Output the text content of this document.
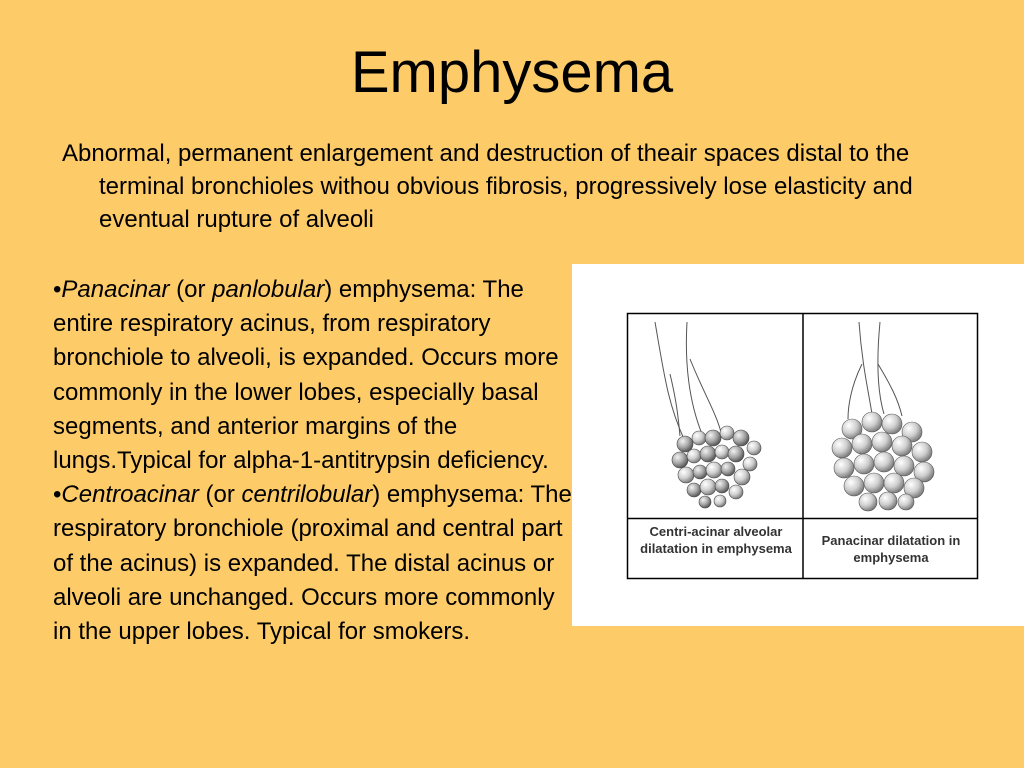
Emphysema
Abnormal, permanent enlargement and destruction of theair spaces distal to the terminal bronchioles withou obvious fibrosis, progressively lose elasticity and eventual rupture of alveoli

•Panacinar (or panlobular) emphysema: The entire respiratory acinus, from respiratory bronchiole to alveoli, is expanded. Occurs more commonly in the lower lobes, especially basal segments, and anterior margins of the lungs.Typical for alpha-1-antitrypsin deficiency.

•Centroacinar (or centrilobular) emphysema: The respiratory bronchiole (proximal and central part of the acinus) is expanded. The distal acinus or alveoli are unchanged. Occurs more commonly in the upper lobes. Typical for smokers.

Centri-acinar alveolar dilatation in emphysema
Panacinar dilatation in emphysema
